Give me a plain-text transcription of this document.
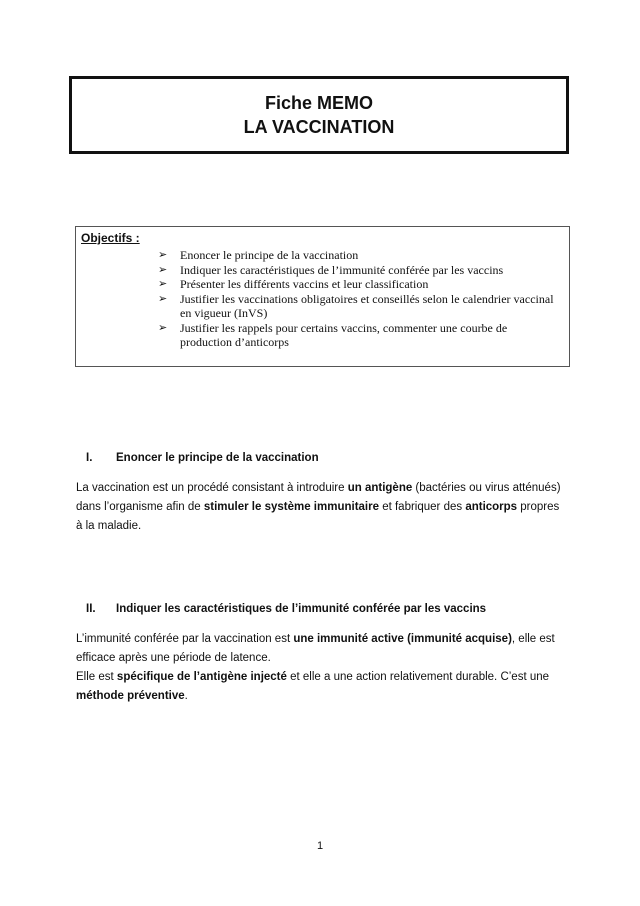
Fiche MEMO
LA VACCINATION
Objectifs :
➢ Enoncer le principe de la vaccination
➢ Indiquer les caractéristiques de l’immunité conférée par les vaccins
➢ Présenter les différents vaccins et leur classification
➢ Justifier les vaccinations obligatoires et conseillés selon le calendrier vaccinal en vigueur (InVS)
➢ Justifier les rappels pour certains vaccins, commenter une courbe de production d’anticorps
I. Enoncer le principe de la vaccination
La vaccination est un procédé consistant à introduire un antigène (bactéries ou virus atténués) dans l’organisme afin de stimuler le système immunitaire et fabriquer des anticorps propres à la maladie.
II. Indiquer les caractéristiques de l’immunité conférée par les vaccins
L’immunité conférée par la vaccination est une immunité active (immunité acquise), elle est efficace après une période de latence.
Elle est spécifique de l’antigène injecté et elle a une action relativement durable. C’est une méthode préventive.
1
